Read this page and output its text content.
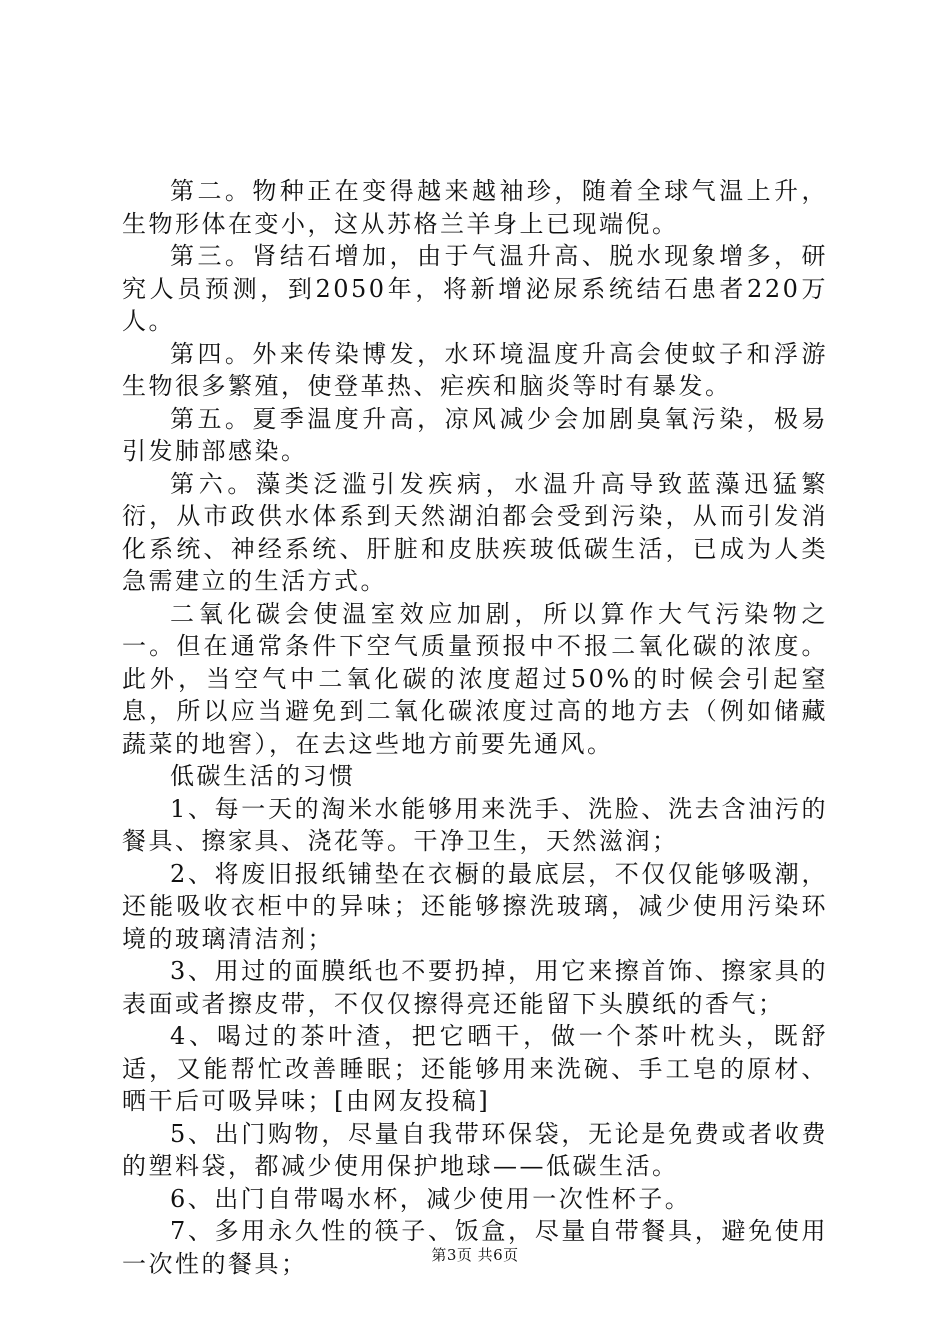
第二。物种正在变得越来越袖珍，随着全球气温上升，生物形体在变小，这从苏格兰羊身上已现端倪。

第三。肾结石增加，由于气温升高、脱水现象增多，研究人员预测，到2050年，将新增泌尿系统结石患者220万人。

第四。外来传染博发，水环境温度升高会使蚊子和浮游生物很多繁殖，使登革热、疟疾和脑炎等时有暴发。

第五。夏季温度升高，凉风减少会加剧臭氧污染，极易引发肺部感染。

第六。藻类泛滥引发疾病，水温升高导致蓝藻迅猛繁衍，从市政供水体系到天然湖泊都会受到污染，从而引发消化系统、神经系统、肝脏和皮肤疾玻低碳生活，已成为人类急需建立的生活方式。

二氧化碳会使温室效应加剧，所以算作大气污染物之一。但在通常条件下空气质量预报中不报二氧化碳的浓度。此外，当空气中二氧化碳的浓度超过50%的时候会引起窒息，所以应当避免到二氧化碳浓度过高的地方去（例如储藏蔬菜的地窖），在去这些地方前要先通风。

低碳生活的习惯

1、每一天的淘米水能够用来洗手、洗脸、洗去含油污的餐具、擦家具、浇花等。干净卫生，天然滋润；

2、将废旧报纸铺垫在衣橱的最底层，不仅仅能够吸潮，还能吸收衣柜中的异味；还能够擦洗玻璃，减少使用污染环境的玻璃清洁剂；

3、用过的面膜纸也不要扔掉，用它来擦首饰、擦家具的表面或者擦皮带，不仅仅擦得亮还能留下头膜纸的香气；

4、喝过的茶叶渣，把它晒干，做一个茶叶枕头，既舒适，又能帮忙改善睡眠；还能够用来洗碗、手工皂的原材、晒干后可吸异味；[由网友投稿]

5、出门购物，尽量自我带环保袋，无论是免费或者收费的塑料袋，都减少使用保护地球——低碳生活。

6、出门自带喝水杯，减少使用一次性杯子。

7、多用永久性的筷子、饭盒，尽量自带餐具，避免使用一次性的餐具；	第3页 共6页
